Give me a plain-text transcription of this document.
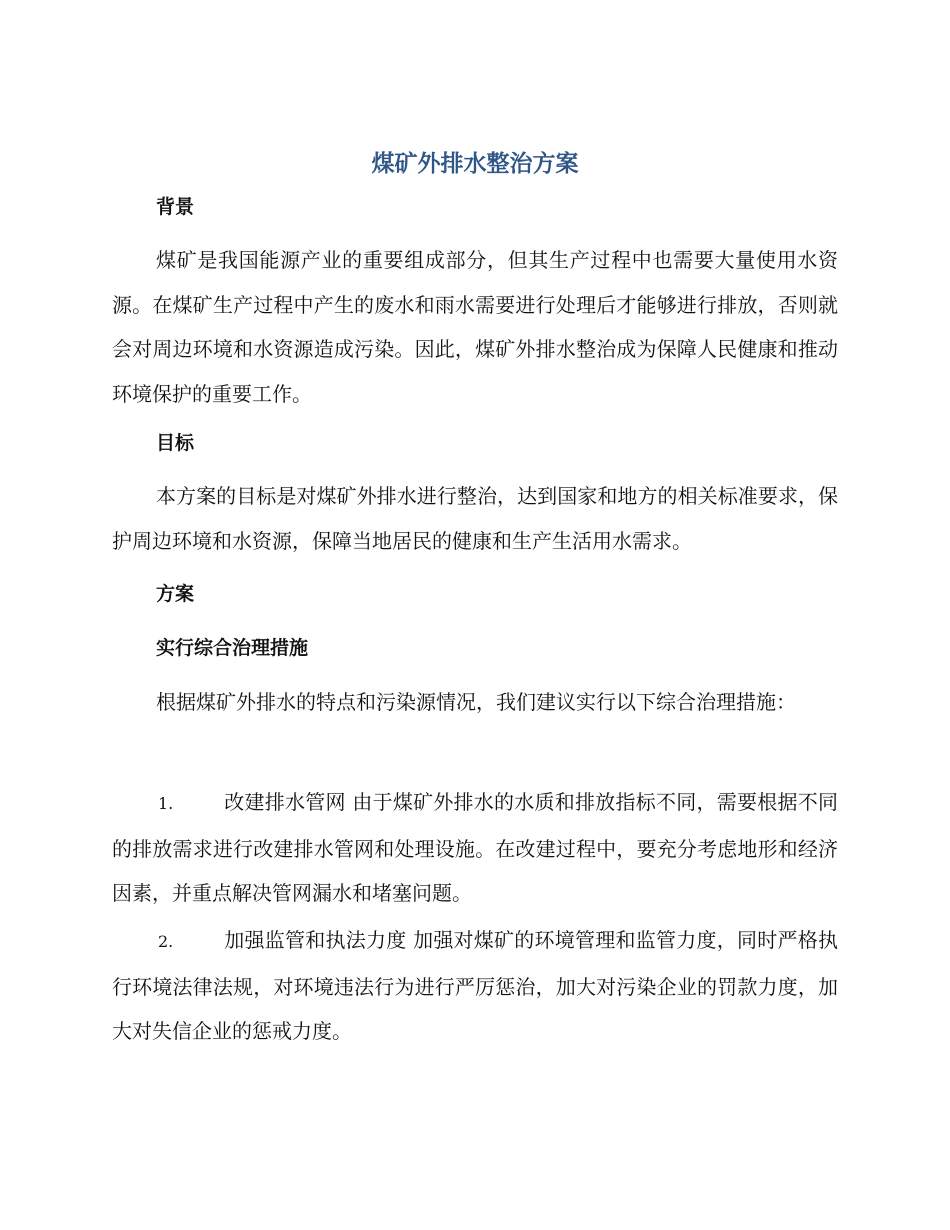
煤矿外排水整治方案
背景

煤矿是我国能源产业的重要组成部分，但其生产过程中也需要大量使用水资源。在煤矿生产过程中产生的废水和雨水需要进行处理后才能够进行排放，否则就会对周边环境和水资源造成污染。因此，煤矿外排水整治成为保障人民健康和推动环境保护的重要工作。

目标

本方案的目标是对煤矿外排水进行整治，达到国家和地方的相关标准要求，保护周边环境和水资源，保障当地居民的健康和生产生活用水需求。

方案
实行综合治理措施

根据煤矿外排水的特点和污染源情况，我们建议实行以下综合治理措施：

1.	改建排水管网 由于煤矿外排水的水质和排放指标不同，需要根据不同的排放需求进行改建排水管网和处理设施。在改建过程中，要充分考虑地形和经济因素，并重点解决管网漏水和堵塞问题。

2.	加强监管和执法力度 加强对煤矿的环境管理和监管力度，同时严格执行环境法律法规，对环境违法行为进行严厉惩治，加大对污染企业的罚款力度，加大对失信企业的惩戒力度。
